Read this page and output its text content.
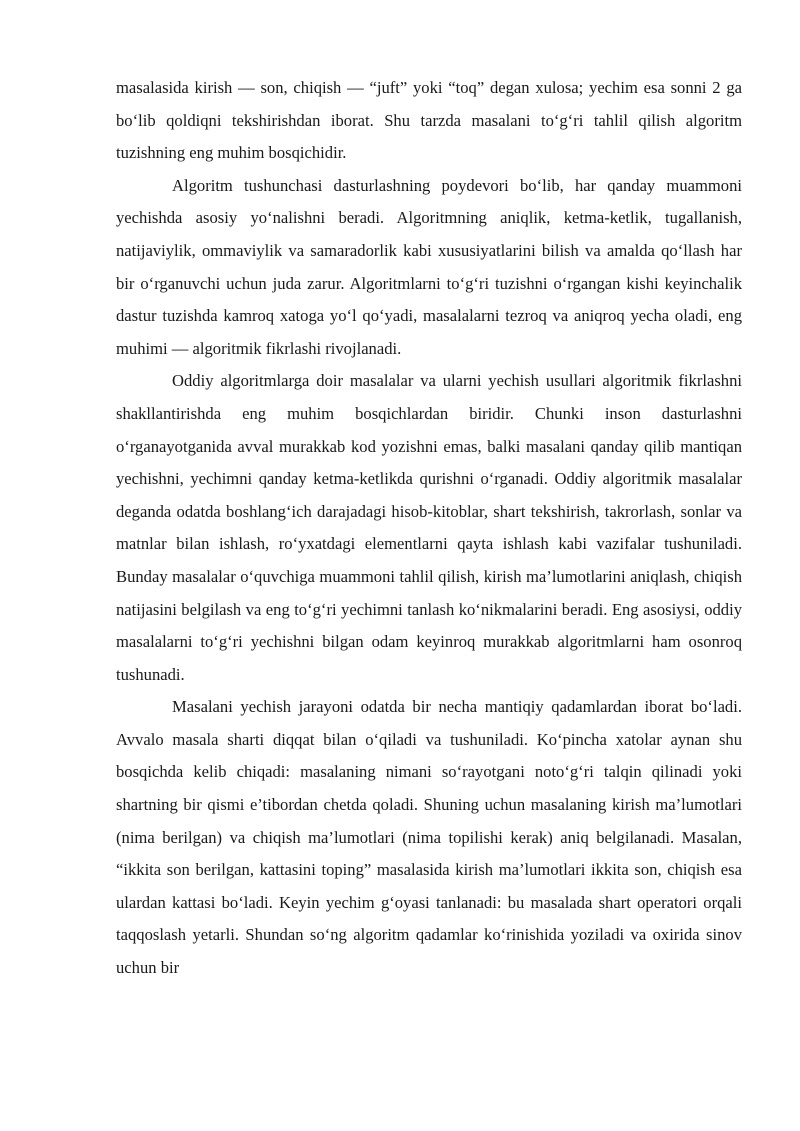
masalasida kirish — son, chiqish — “juft” yoki “toq” degan xulosa; yechim esa sonni 2 ga bo‘lib qoldiqni tekshirishdan iborat. Shu tarzda masalani to‘g‘ri tahlil qilish algoritm tuzishning eng muhim bosqichidir.

Algoritm tushunchasi dasturlashning poydevori bo‘lib, har qanday muammoni yechishda asosiy yo‘nalishni beradi. Algoritmning aniqlik, ketma-ketlik, tugallanish, natijaviylik, ommaviylik va samaradorlik kabi xususiyatlarini bilish va amalda qo‘llash har bir o‘rganuvchi uchun juda zarur. Algoritmlarni to‘g‘ri tuzishni o‘rgangan kishi keyinchalik dastur tuzishda kamroq xatoga yo‘l qo‘yadi, masalalarni tezroq va aniqroq yecha oladi, eng muhimi — algoritmik fikrlashi rivojlanadi.

Oddiy algoritmlarga doir masalalar va ularni yechish usullari algoritmik fikrlashni shakllantirishda eng muhim bosqichlardan biridir. Chunki inson dasturlashni o‘rganayotganida avval murakkab kod yozishni emas, balki masalani qanday qilib mantiqan yechishni, yechimni qanday ketma-ketlikda qurishni o‘rganadi. Oddiy algoritmik masalalar deganda odatda boshlang‘ich darajadagi hisob-kitoblar, shart tekshirish, takrorlash, sonlar va matnlar bilan ishlash, ro‘yxatdagi elementlarni qayta ishlash kabi vazifalar tushuniladi. Bunday masalalar o‘quvchiga muammoni tahlil qilish, kirish ma’lumotlarini aniqlash, chiqish natijasini belgilash va eng to‘g‘ri yechimni tanlash ko‘nikmalarini beradi. Eng asosiysi, oddiy masalalarni to‘g‘ri yechishni bilgan odam keyinroq murakkab algoritmlarni ham osonroq tushunadi.

Masalani yechish jarayoni odatda bir necha mantiqiy qadamlardan iborat bo‘ladi. Avvalo masala sharti diqqat bilan o‘qiladi va tushuniladi. Ko‘pincha xatolar aynan shu bosqichda kelib chiqadi: masalaning nimani so‘rayotgani noto‘g‘ri talqin qilinadi yoki shartning bir qismi e’tibordan chetda qoladi. Shuning uchun masalaning kirish ma’lumotlari (nima berilgan) va chiqish ma’lumotlari (nima topilishi kerak) aniq belgilanadi. Masalan, “ikkita son berilgan, kattasini toping” masalasida kirish ma’lumotlari ikkita son, chiqish esa ulardan kattasi bo‘ladi. Keyin yechim g‘oyasi tanlanadi: bu masalada shart operatori orqali taqqoslash yetarli. Shundan so‘ng algoritm qadamlar ko‘rinishida yoziladi va oxirida sinov uchun bir
